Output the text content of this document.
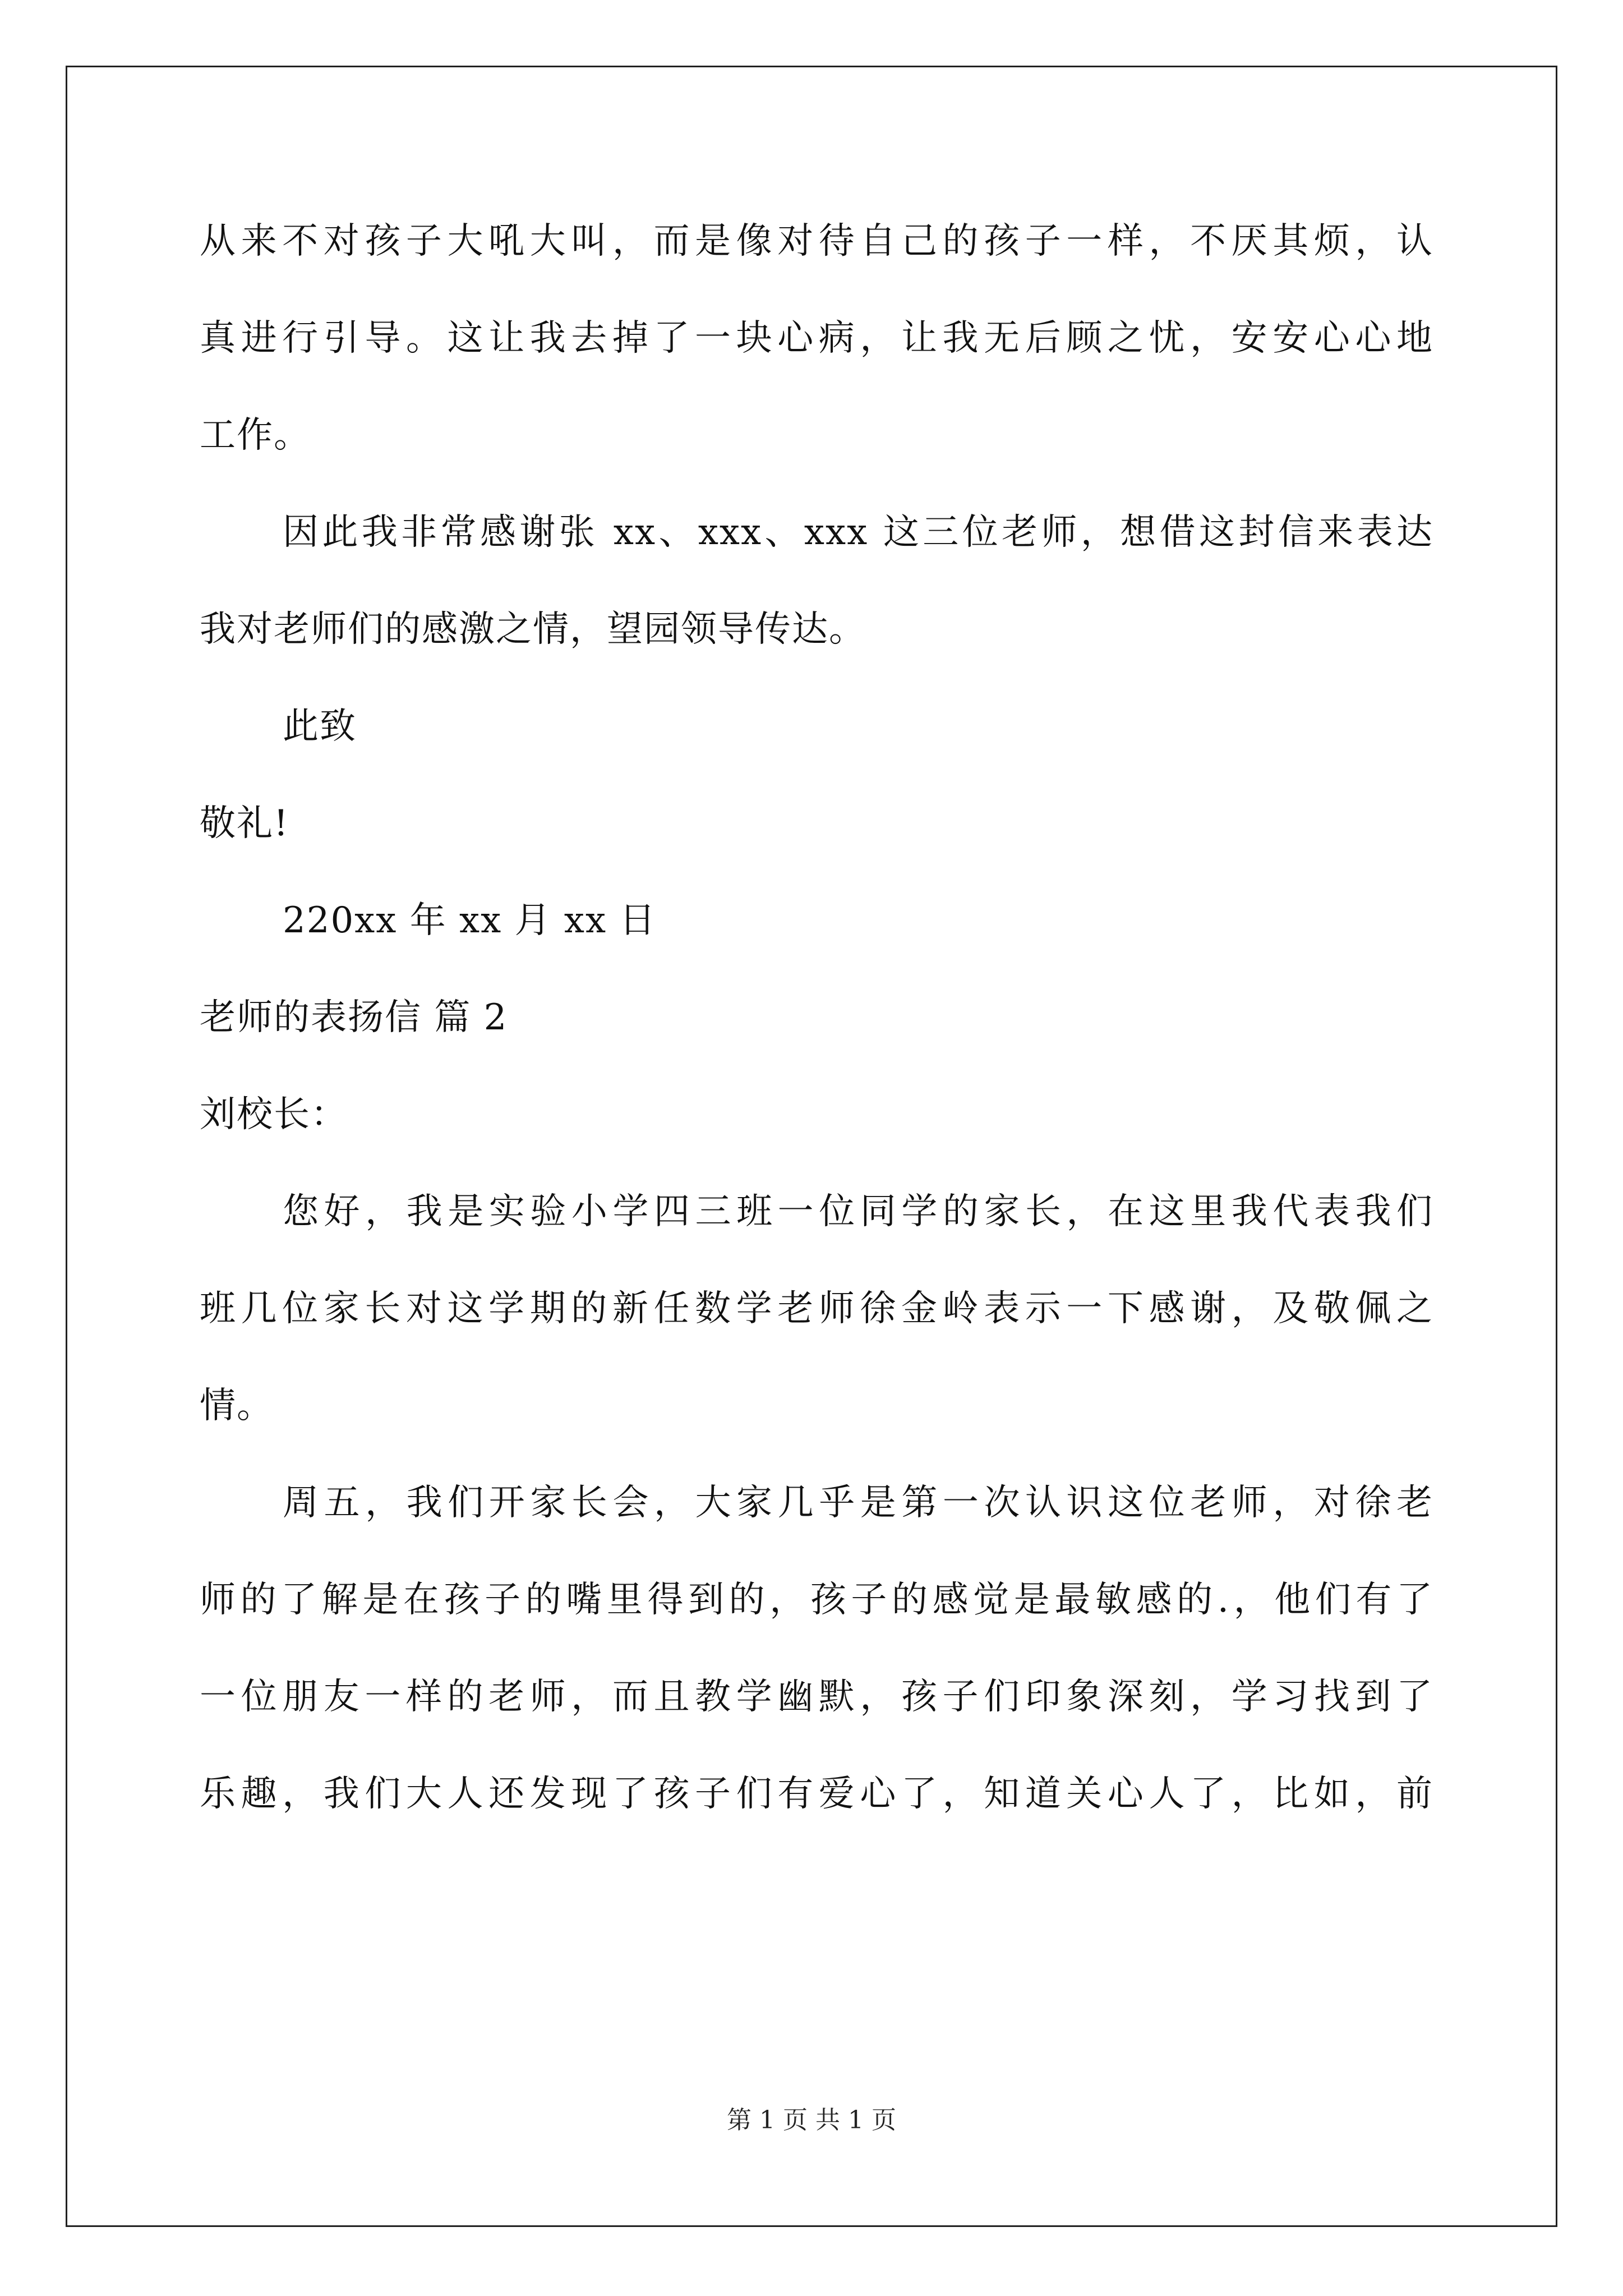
从来不对孩子大吼大叫，而是像对待自己的孩子一样，不厌其烦，认
真进行引导。这让我去掉了一块心病，让我无后顾之忧，安安心心地
工作。
因此我非常感谢张 xx、xxx、xxx 这三位老师，想借这封信来表达
我对老师们的感激之情，望园领导传达。
此致
敬礼!
220xx 年 xx 月 xx 日
老师的表扬信 篇 2
刘校长：
您好，我是实验小学四三班一位同学的家长，在这里我代表我们
班几位家长对这学期的新任数学老师徐金岭表示一下感谢，及敬佩之
情。
周五，我们开家长会，大家几乎是第一次认识这位老师，对徐老
师的了解是在孩子的嘴里得到的，孩子的感觉是最敏感的.，他们有了
一位朋友一样的老师，而且教学幽默，孩子们印象深刻，学习找到了
乐趣，我们大人还发现了孩子们有爱心了，知道关心人了，比如，前
第 1 页 共 1 页
